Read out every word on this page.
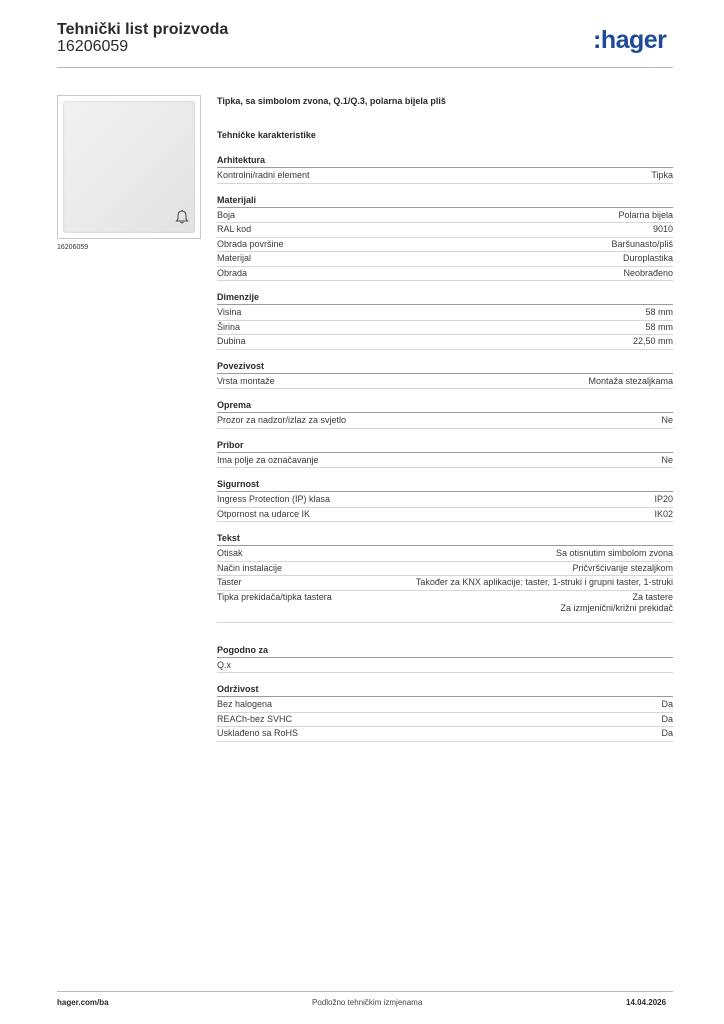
Tehnički list proizvoda
16206059	:hager
16206059
Tipka, sa simbolom zvona, Q.1/Q.3, polarna bijela pliš
Tehničke karakteristike
Arhitektura
Kontrolni/radni element	Tipka
Materijali
Boja	Polarna bijela
RAL kod	9010
Obrada površine	Baršunasto/pliš
Materijal	Duroplastika
Obrada	Neobrađeno
Dimenzije
Visina	58 mm
Širina	58 mm
Dubina	22,50 mm
Povezivost
Vrsta montaže	Montaža stezaljkama
Oprema
Prozor za nadzor/izlaz za svjetlo	Ne
Pribor
Ima polje za označavanje	Ne
Sigurnost
Ingress Protection (IP) klasa	IP20
Otpornost na udarce IK	IK02
Tekst
Otisak	Sa otisnutim simbolom zvona
Način instalacije	Pričvršćivanje stezaljkom
Taster	Također za KNX aplikacije: taster, 1-struki i grupni taster, 1-struki
Tipka prekidača/tipka tastera	Za tastere
Za izmjenični/križni prekidač
Pogodno za
Q.x
Održivost
Bez halogena	Da
REACh-bez SVHC	Da
Usklađeno sa RoHS	Da
hager.com/ba	Podložno tehničkim izmjenama	14.04.2026
